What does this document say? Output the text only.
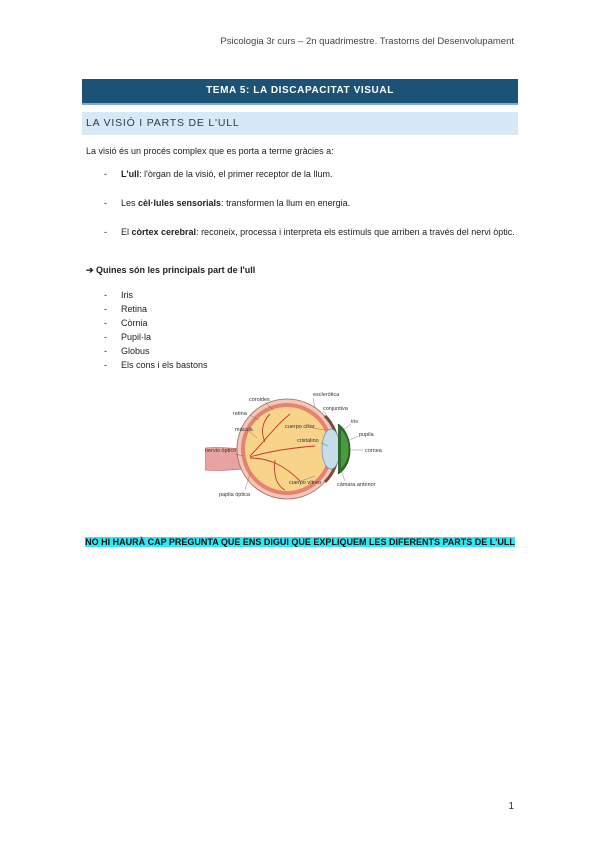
Psicologia 3r curs – 2n quadrimestre. Trastorns del Desenvolupament
TEMA 5: LA DISCAPACITAT VISUAL
LA VISIÓ I PARTS DE L'ULL
La visió és un procés complex que es porta a terme gràcies a:
- L'ull: l'òrgan de la visió, el primer receptor de la llum.
- Les cèl·lules sensorials: transformen la llum en energia.
- El còrtex cerebral: reconeix, processa i interpreta els estímuls que arriben a través del nervi òptic.
➔ Quines són les principals part de l'ull
- Iris
- Retina
- Còrnia
- Pupil·la
- Globus
- Els cons i els bastons
esclerótica
coroides
conjuntiva
retina
cuerpo ciliar
iris
mácula
pupila
cristalino
nervio óptico	cornea
cuerpo vítreo	cámara anterior
papila óptica
NO HI HAURÀ CAP PREGUNTA QUE ENS DIGUI QUE EXPLIQUEM LES DIFERENTS PARTS DE L'ULL
1
